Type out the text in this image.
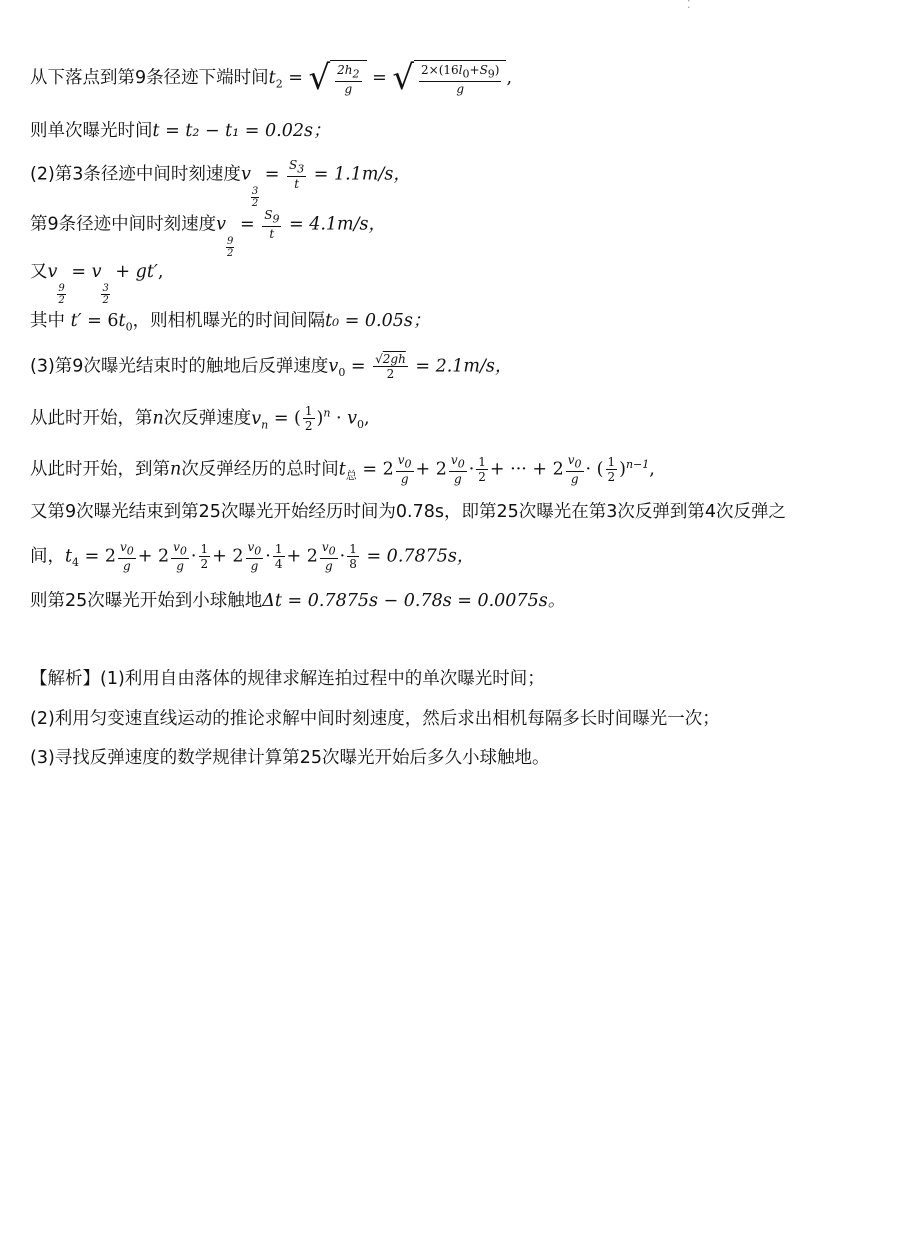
⁚
从下落点到第9条径迹下端时间$t_2$ = √ $\frac{2h_2}{g}$ = √ $\frac{2\times(16l_0+S_9)}{g}$ ,
则单次曝光时间t = t₂ − t₁ = 0.02s；
(2)第3条径迹中间时刻速度v
$\frac{3}{2}$
= $\frac{S_3}{t} = 1.1m/s$，
第9条径迹中间时刻速度v
$\frac{9}{2}$
= $\frac{S_9}{t} = 4.1m/s$，
又v
$\frac{9}{2}$
= v
$\frac{3}{2}$
+ gt′,
其中 $t' = 6t_0$，则相机曝光的时间间隔t₀ = 0.05s；
(3)第9次曝光结束时的触地后反弹速度$v_0 = \frac{√2gh}{2} = 2.1m/s$，
从此时开始，第n次反弹速度$v_n$ = ( $\frac{1}{2} )^n \cdot v_0$,
从此时开始，到第n次反弹经历的总时间$t_总 = 2 \frac{v_0}{g} + 2 \frac{v_0}{g} \cdot \frac{1}{2}$ + ··· + $2 \frac{v_0}{g}$ · ( $\frac{1}{2} )^{n-1}$,
又第9次曝光结束到第25次曝光开始经历时间为0.78s，即第25次曝光在第3次反弹到第4次反弹之
间，$t_4 = 2 \frac{v_0}{g} + 2 \frac{v_0}{g} \cdot \frac{1}{2} + 2 \frac{v_0}{g} \cdot \frac{1}{4} + 2 \frac{v_0}{g} \cdot \frac{1}{8} = 0.7875s$，
则第25次曝光开始到小球触地Δt = 0.7875s − 0.78s = 0.0075s。
【解析】(1)利用自由落体的规律求解连拍过程中的单次曝光时间；
(2)利用匀变速直线运动的推论求解中间时刻速度，然后求出相机每隔多长时间曝光一次；
(3)寻找反弹速度的数学规律计算第25次曝光开始后多久小球触地。
